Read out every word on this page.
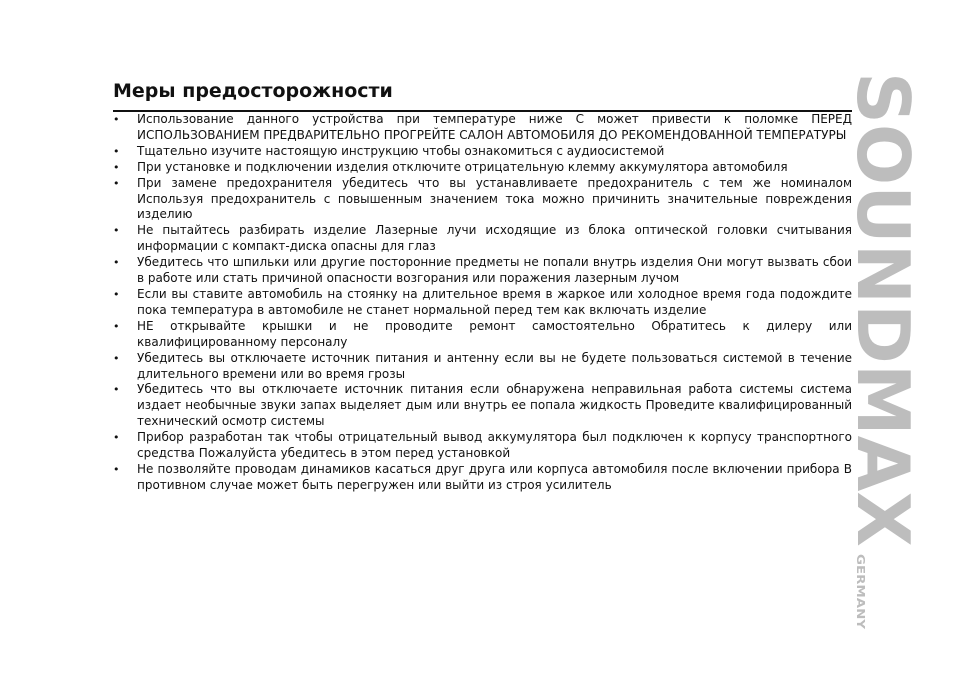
Меры предосторожности
• Использование данного устройства при температуре ниже С может привести к поломке ПЕРЕД ИСПОЛЬЗОВАНИЕМ ПРЕДВАРИТЕЛЬНО ПРОГРЕЙТЕ САЛОН АВТОМОБИЛЯ ДО РЕКОМЕНДОВАННОЙ ТЕМПЕРАТУРЫ
• Тщательно изучите настоящую инструкцию чтобы ознакомиться с аудиосистемой
• При установке и подключении изделия отключите отрицательную клемму аккумулятора автомобиля
• При замене предохранителя убедитесь что вы устанавливаете предохранитель с тем же номиналом Используя предохранитель с повышенным значением тока можно причинить значительные повреждения изделию
• Не пытайтесь разбирать изделие Лазерные лучи исходящие из блока оптической головки считывания информации с компакт-диска опасны для глаз
• Убедитесь что шпильки или другие посторонние предметы не попали внутрь изделия Они могут вызвать сбои в работе или стать причиной опасности возгорания или поражения лазерным лучом
• Если вы ставите автомобиль на стоянку на длительное время в жаркое или холодное время года подождите пока температура в автомобиле не станет нормальной перед тем как включать изделие
• НЕ открывайте крышки и не проводите ремонт самостоятельно Обратитесь к дилеру или квалифицированному персоналу
• Убедитесь вы отключаете источник питания и антенну если вы не будете пользоваться системой в течение длительного времени или во время грозы
• Убедитесь что вы отключаете источник питания если обнаружена неправильная работа системы система издает необычные звуки запах выделяет дым или внутрь ее попала жидкость Проведите квалифицированный технический осмотр системы
• Прибор разработан так чтобы отрицательный вывод аккумулятора был подключен к корпусу транспортного средства Пожалуйста убедитесь в этом перед установкой
• Не позволяйте проводам динамиков касаться друг друга или корпуса автомобиля после включении прибора В противном случае может быть перегружен или выйти из строя усилитель	SOUNDMAX
GERMANY
